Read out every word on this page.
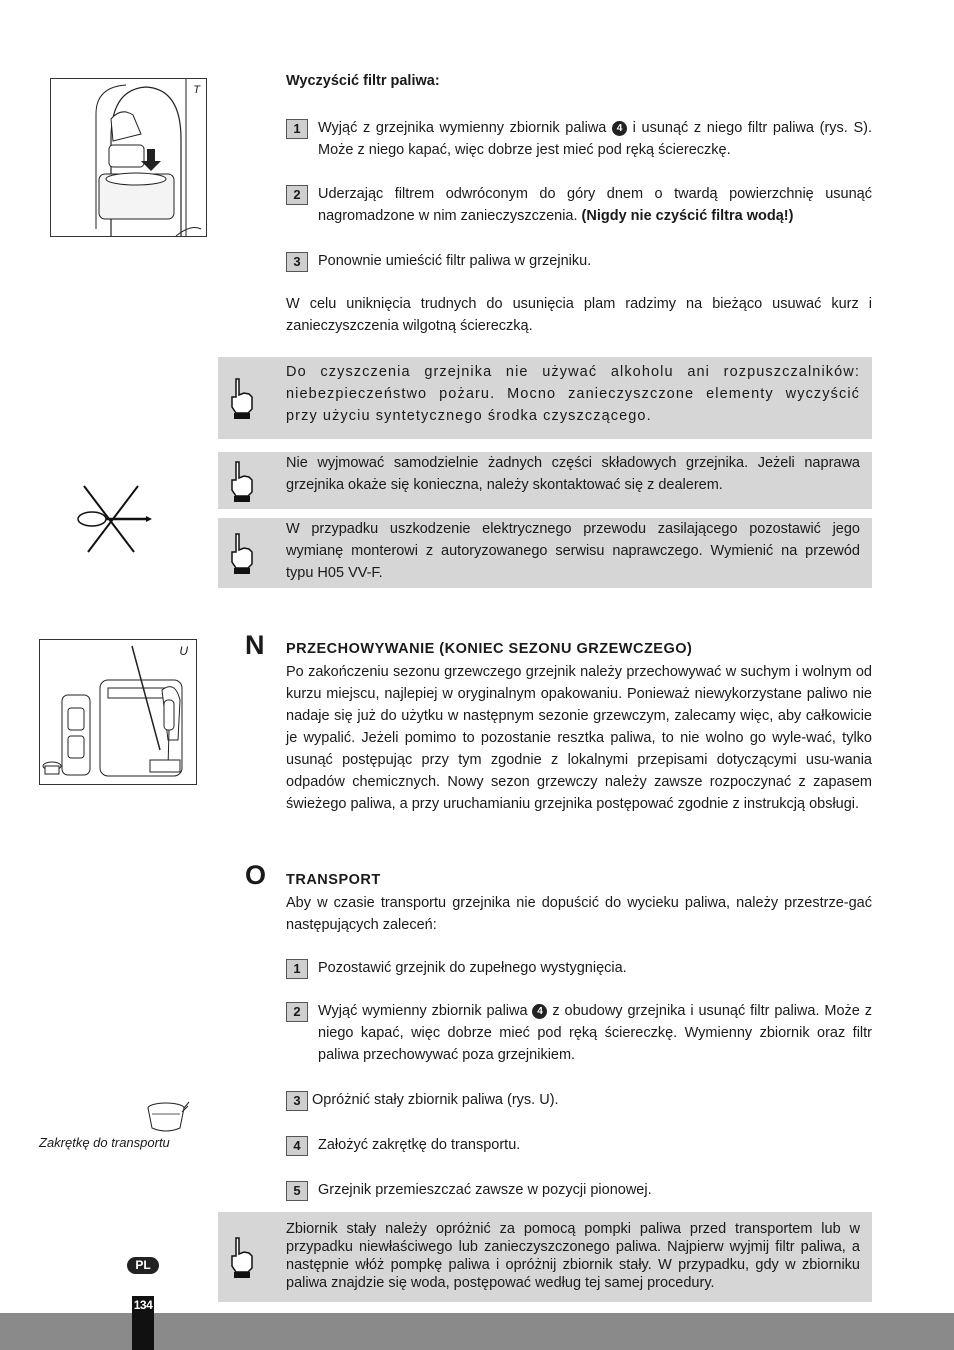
T
Wyczyścić filtr paliwa:
1	Wyjąć z grzejnika wymienny zbiornik paliwa 4 i usunąć z niego filtr paliwa (rys. S). Może z niego kapać, więc dobrze jest mieć pod ręką ściereczkę.
2	Uderzając filtrem odwróconym do góry dnem o twardą powierzchnię usunąć nagromadzone w nim zanieczyszczenia. (Nigdy nie czyścić filtra wodą!)
3	Ponownie umieścić filtr paliwa w grzejniku.
W celu uniknięcia trudnych do usunięcia plam radzimy na bieżąco usuwać kurz i zanieczyszczenia wilgotną ściereczką.
Do czyszczenia grzejnika nie używać alkoholu ani rozpuszczalników: niebezpieczeństwo pożaru. Mocno zanieczyszczone elementy wyczyścić przy użyciu syntetycznego środka czyszczącego.
Nie wyjmować samodzielnie żadnych części składowych grzejnika. Jeżeli naprawa grzejnika okaże się konieczna, należy skontaktować się z dealerem.
W przypadku uszkodzenie elektrycznego przewodu zasilającego pozostawić jego wymianę monterowi z autoryzowanego serwisu naprawczego. Wymienić na przewód typu H05 VV-F.
U N PRZECHOWYWANIE (KONIEC SEZONU GRZEWCZEGO)
Po zakończeniu sezonu grzewczego grzejnik należy przechowywać w suchym i wolnym od kurzu miejscu, najlepiej w oryginalnym opakowaniu. Ponieważ niewykorzystane paliwo nie nadaje się już do użytku w następnym sezonie grzewczym, zalecamy więc, aby całkowicie je wypalić. Jeżeli pomimo to pozostanie resztka paliwa, to nie wolno go wyle-wać, tylko usunąć postępując przy tym zgodnie z lokalnymi przepisami dotyczącymi usu-wania odpadów chemicznych. Nowy sezon grzewczy należy zawsze rozpoczynać z zapasem świeżego paliwa, a przy uruchamianiu grzejnika postępować zgodnie z instrukcją obsługi.
O TRANSPORT
Aby w czasie transportu grzejnika nie dopuścić do wycieku paliwa, należy przestrze-gać następujących zaleceń:
1	Pozostawić grzejnik do zupełnego wystygnięcia.
2	Wyjąć wymienny zbiornik paliwa 4 z obudowy grzejnika i usunąć filtr paliwa. Może z niego kapać, więc dobrze mieć pod ręką ściereczkę. Wymienny zbiornik oraz filtr paliwa przechowywać poza grzejnikiem.
3 Opróżnić stały zbiornik paliwa (rys. U).
4	Założyć zakrętkę do transportu.
5	Grzejnik przemieszczać zawsze w pozycji pionowej.
Zakrętkę do transportu
Zbiornik stały należy opróżnić za pomocą pompki paliwa przed transportem lub w przypadku niewłaściwego lub zanieczyszczonego paliwa. Najpierw wyjmij filtr paliwa, a następnie włóż pompkę paliwa i opróżnij zbiornik stały. W przypadku, gdy w zbiorniku paliwa znajdzie się woda, postępować według tej samej procedury.
PL
134
